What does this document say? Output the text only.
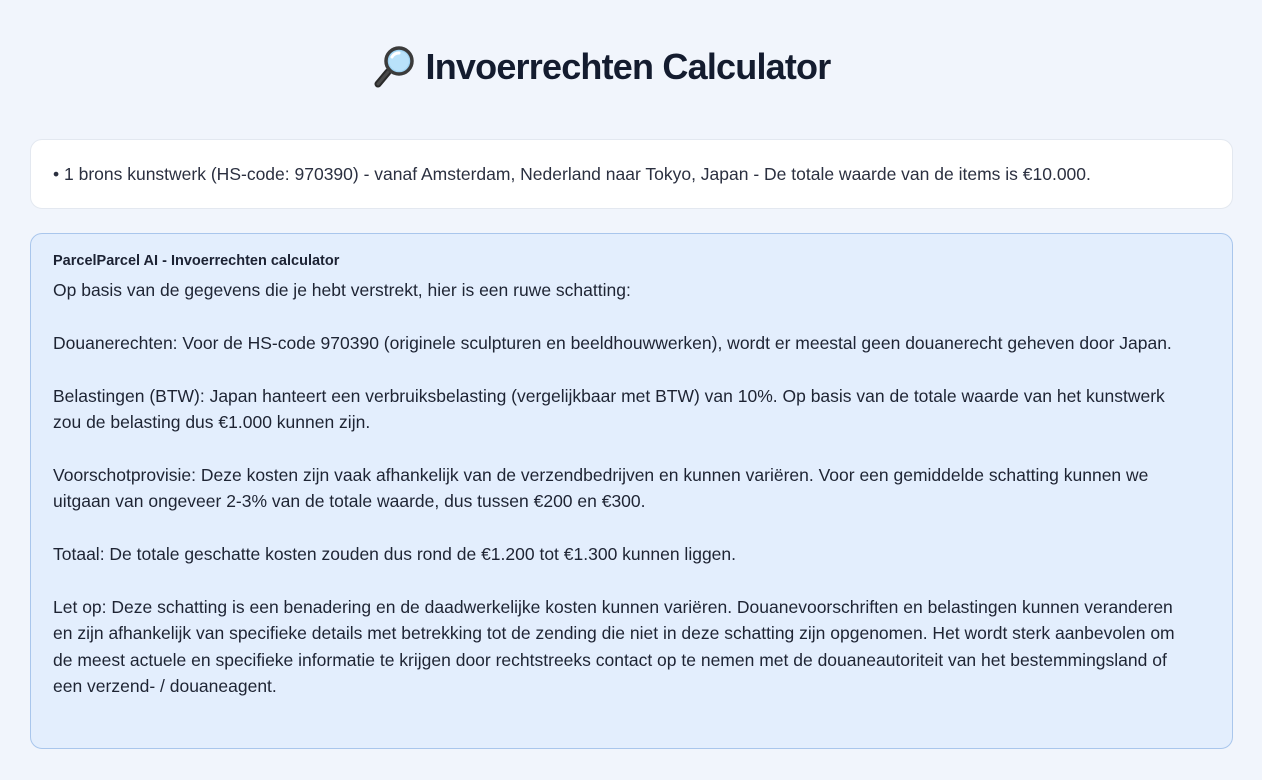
Invoerrechten Calculator
• 1 brons kunstwerk (HS-code: 970390) - vanaf Amsterdam, Nederland naar Tokyo, Japan - De totale waarde van de items is €10.000.
ParcelParcel AI - Invoerrechten calculator

Op basis van de gegevens die je hebt verstrekt, hier is een ruwe schatting:

Douanerechten: Voor de HS-code 970390 (originele sculpturen en beeldhouwwerken), wordt er meestal geen douanerecht geheven door Japan.

Belastingen (BTW): Japan hanteert een verbruiksbelasting (vergelijkbaar met BTW) van 10%. Op basis van de totale waarde van het kunstwerk zou de belasting dus €1.000 kunnen zijn.

Voorschotprovisie: Deze kosten zijn vaak afhankelijk van de verzendbedrijven en kunnen variëren. Voor een gemiddelde schatting kunnen we uitgaan van ongeveer 2-3% van de totale waarde, dus tussen €200 en €300.

Totaal: De totale geschatte kosten zouden dus rond de €1.200 tot €1.300 kunnen liggen.

Let op: Deze schatting is een benadering en de daadwerkelijke kosten kunnen variëren. Douanevoorschriften en belastingen kunnen veranderen en zijn afhankelijk van specifieke details met betrekking tot de zending die niet in deze schatting zijn opgenomen. Het wordt sterk aanbevolen om de meest actuele en specifieke informatie te krijgen door rechtstreeks contact op te nemen met de douaneautoriteit van het bestemmingsland of een verzend- / douaneagent.
